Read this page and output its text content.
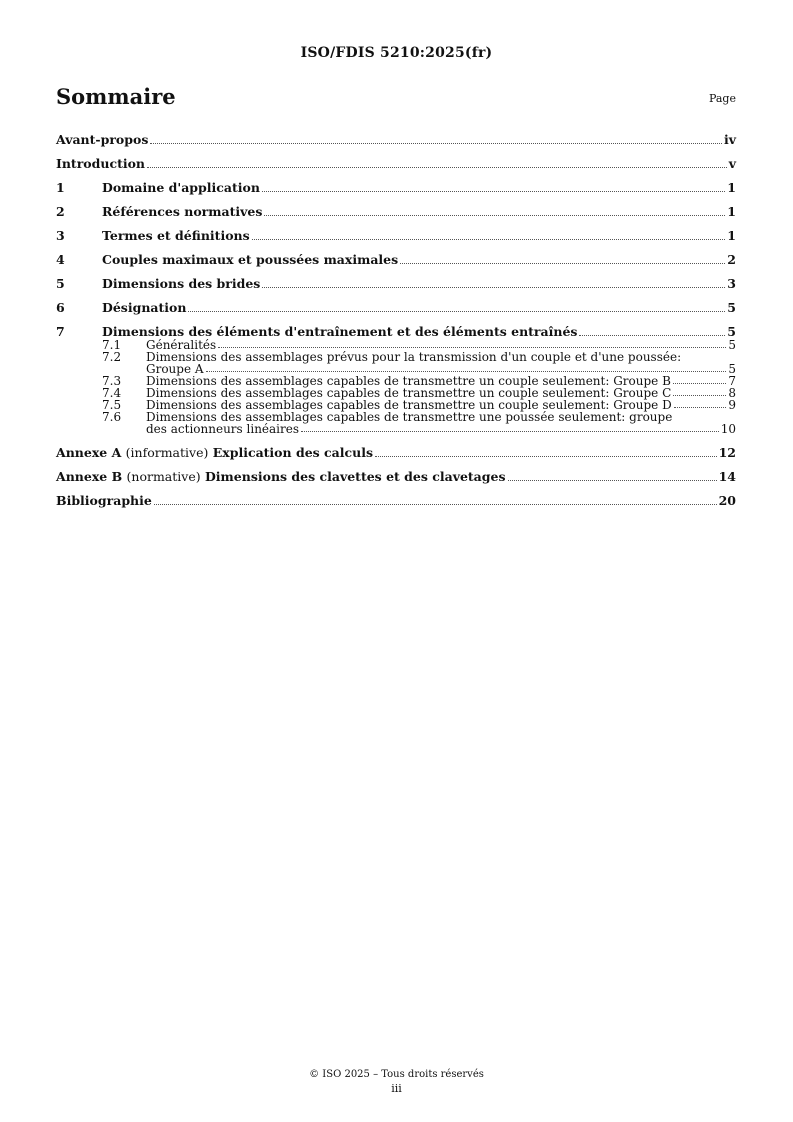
ISO/FDIS 5210:2025(fr)
Sommaire	Page
Avant-propos	iv
Introduction	v
1	Domaine d'application	1
2	Références normatives	1
3	Termes et définitions	1
4	Couples maximaux et poussées maximales	2
5	Dimensions des brides	3
6	Désignation	5
7	Dimensions des éléments d'entraînement et des éléments entraînés	5
7.1	Généralités	5
7.2	Dimensions des assemblages prévus pour la transmission d'un couple et d'une poussée:
Groupe A	5
7.3	Dimensions des assemblages capables de transmettre un couple seulement: Groupe B	7
7.4	Dimensions des assemblages capables de transmettre un couple seulement: Groupe C	8
7.5	Dimensions des assemblages capables de transmettre un couple seulement: Groupe D	9
7.6	Dimensions des assemblages capables de transmettre une poussée seulement: groupe
des actionneurs linéaires	10
Annexe A (informative) Explication des calculs	12
Annexe B (normative) Dimensions des clavettes et des clavetages	14
Bibliographie	20
© ISO 2025 – Tous droits réservés
iii
